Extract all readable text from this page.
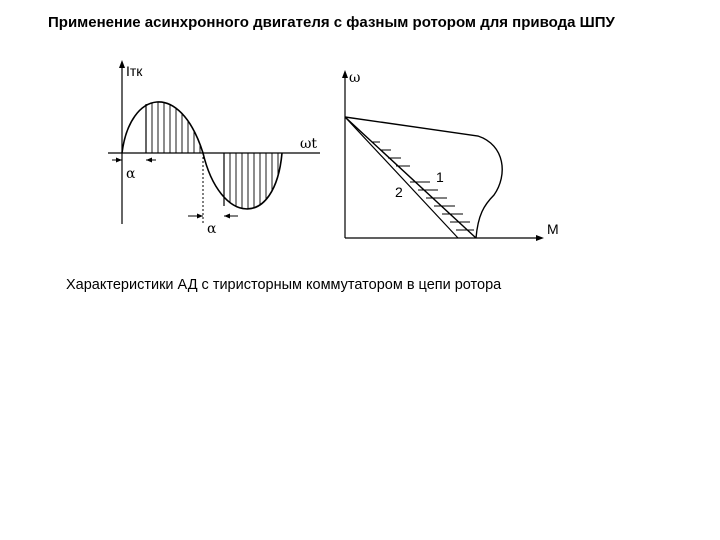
Применение асинхронного двигателя с фазным ротором для привода ШПУ
Iтк
ωt
α
α
ω
M
1
2
Характеристики АД с тиристорным коммутатором в цепи ротора
